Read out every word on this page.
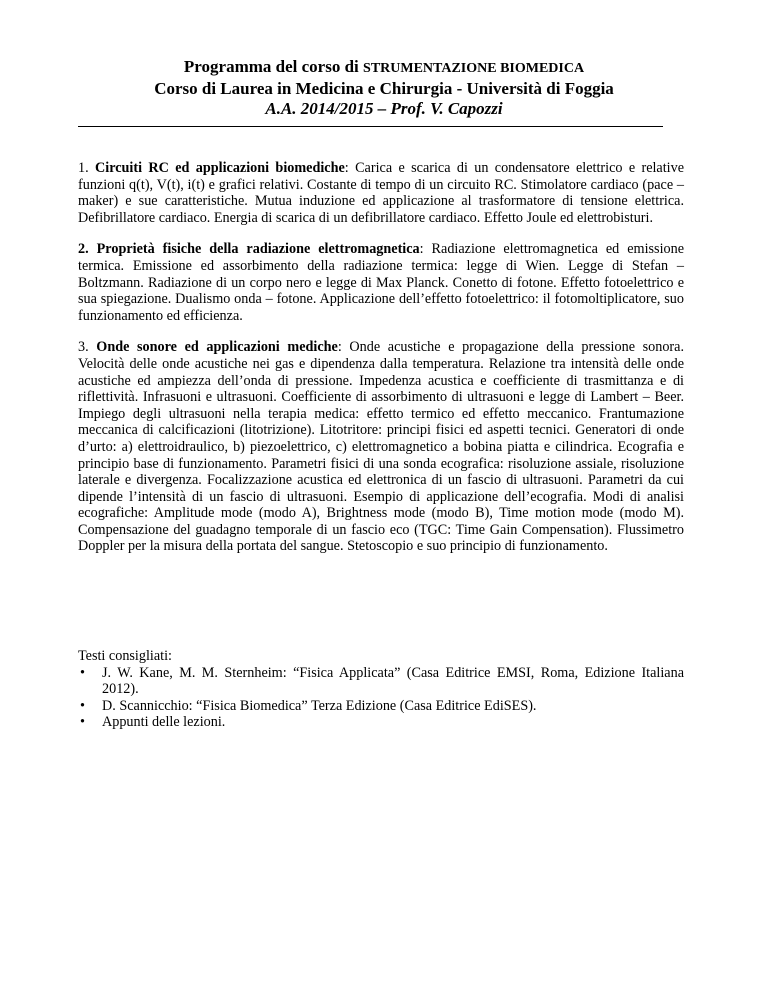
Programma del corso di STRUMENTAZIONE BIOMEDICA
Corso di Laurea in Medicina e Chirurgia - Università di Foggia
A.A. 2014/2015 – Prof. V. Capozzi

1. Circuiti RC ed applicazioni biomediche: Carica e scarica di un condensatore elettrico e relative funzioni q(t), V(t), i(t) e grafici relativi. Costante di tempo di un circuito RC. Stimolatore cardiaco (pace – maker) e sue caratteristiche. Mutua induzione ed applicazione al trasformatore di tensione elettrica. Defibrillatore cardiaco. Energia di scarica di un defibrillatore cardiaco. Effetto Joule ed elettrobisturi.

2. Proprietà fisiche della radiazione elettromagnetica: Radiazione elettromagnetica ed emissione termica. Emissione ed assorbimento della radiazione termica: legge di Wien. Legge di Stefan – Boltzmann. Radiazione di un corpo nero e legge di Max Planck. Conetto di fotone. Effetto fotoelettrico e sua spiegazione. Dualismo onda – fotone. Applicazione dell’effetto fotoelettrico: il fotomoltiplicatore, suo funzionamento ed efficienza.

3. Onde sonore ed applicazioni mediche: Onde acustiche e propagazione della pressione sonora. Velocità delle onde acustiche nei gas e dipendenza dalla temperatura. Relazione tra intensità delle onde acustiche ed ampiezza dell’onda di pressione. Impedenza acustica e coefficiente di trasmittanza e di riflettività. Infrasuoni e ultrasuoni. Coefficiente di assorbimento di ultrasuoni e legge di Lambert – Beer. Impiego degli ultrasuoni nella terapia medica: effetto termico ed effetto meccanico. Frantumazione meccanica di calcificazioni (litotrizione). Litotritore: principi fisici ed aspetti tecnici. Generatori di onde d’urto: a) elettroidraulico, b) piezoelettrico, c) elettromagnetico a bobina piatta e cilindrica. Ecografia e principio base di funzionamento. Parametri fisici di una sonda ecografica: risoluzione assiale, risoluzione laterale e divergenza. Focalizzazione acustica ed elettronica di un fascio di ultrasuoni. Parametri da cui dipende l’intensità di un fascio di ultrasuoni. Esempio di applicazione dell’ecografia. Modi di analisi ecografiche: Amplitude mode (modo A), Brightness mode (modo B), Time motion mode (modo M). Compensazione del guadagno temporale di un fascio eco (TGC: Time Gain Compensation). Flussimetro Doppler per la misura della portata del sangue. Stetoscopio e suo principio di funzionamento.

Testi consigliati:

• J. W. Kane, M. M. Sternheim: “Fisica Applicata” (Casa Editrice EMSI, Roma, Edizione Italiana 2012).
• D. Scannicchio: “Fisica Biomedica” Terza Edizione (Casa Editrice EdiSES).
• Appunti delle lezioni.
